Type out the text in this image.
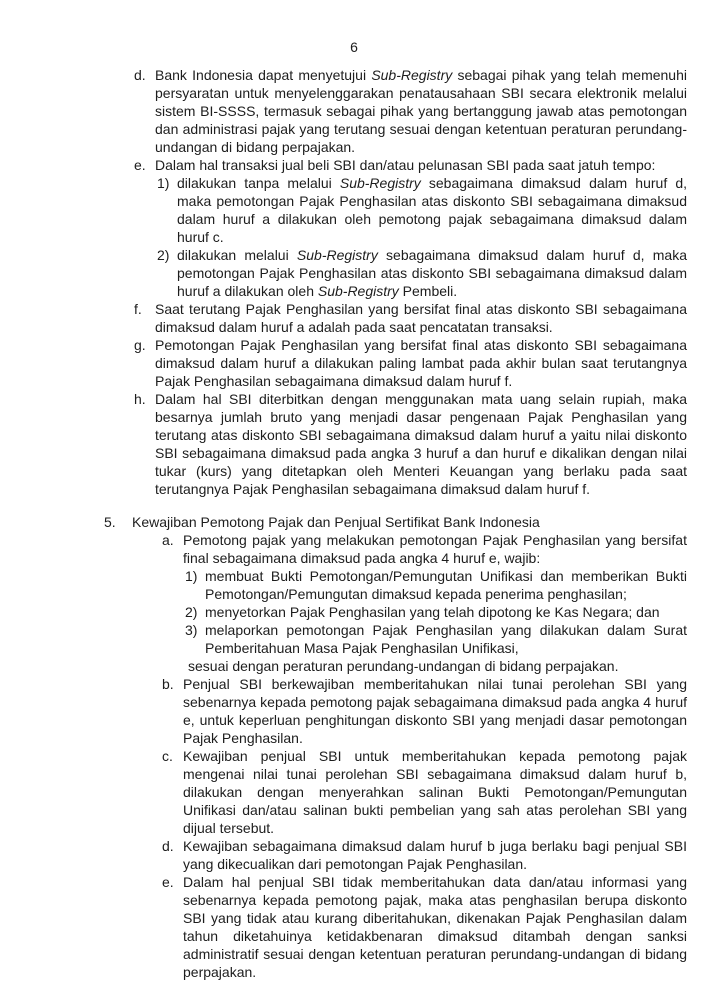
6
d. Bank Indonesia dapat menyetujui Sub-Registry sebagai pihak yang telah memenuhi persyaratan untuk menyelenggarakan penatausahaan SBI secara elektronik melalui sistem BI-SSSS, termasuk sebagai pihak yang bertanggung jawab atas pemotongan dan administrasi pajak yang terutang sesuai dengan ketentuan peraturan perundang-undangan di bidang perpajakan.
e. Dalam hal transaksi jual beli SBI dan/atau pelunasan SBI pada saat jatuh tempo:
1) dilakukan tanpa melalui Sub-Registry sebagaimana dimaksud dalam huruf d, maka pemotongan Pajak Penghasilan atas diskonto SBI sebagaimana dimaksud dalam huruf a dilakukan oleh pemotong pajak sebagaimana dimaksud dalam huruf c.
2) dilakukan melalui Sub-Registry sebagaimana dimaksud dalam huruf d, maka pemotongan Pajak Penghasilan atas diskonto SBI sebagaimana dimaksud dalam huruf a dilakukan oleh Sub-Registry Pembeli.
f. Saat terutang Pajak Penghasilan yang bersifat final atas diskonto SBI sebagaimana dimaksud dalam huruf a adalah pada saat pencatatan transaksi.
g. Pemotongan Pajak Penghasilan yang bersifat final atas diskonto SBI sebagaimana dimaksud dalam huruf a dilakukan paling lambat pada akhir bulan saat terutangnya Pajak Penghasilan sebagaimana dimaksud dalam huruf f.
h. Dalam hal SBI diterbitkan dengan menggunakan mata uang selain rupiah, maka besarnya jumlah bruto yang menjadi dasar pengenaan Pajak Penghasilan yang terutang atas diskonto SBI sebagaimana dimaksud dalam huruf a yaitu nilai diskonto SBI sebagaimana dimaksud pada angka 3 huruf a dan huruf e dikalikan dengan nilai tukar (kurs) yang ditetapkan oleh Menteri Keuangan yang berlaku pada saat terutangnya Pajak Penghasilan sebagaimana dimaksud dalam huruf f.
5. Kewajiban Pemotong Pajak dan Penjual Sertifikat Bank Indonesia
a. Pemotong pajak yang melakukan pemotongan Pajak Penghasilan yang bersifat final sebagaimana dimaksud pada angka 4 huruf e, wajib:
1) membuat Bukti Pemotongan/Pemungutan Unifikasi dan memberikan Bukti Pemotongan/Pemungutan dimaksud kepada penerima penghasilan;
2) menyetorkan Pajak Penghasilan yang telah dipotong ke Kas Negara; dan
3) melaporkan pemotongan Pajak Penghasilan yang dilakukan dalam Surat Pemberitahuan Masa Pajak Penghasilan Unifikasi,
sesuai dengan peraturan perundang-undangan di bidang perpajakan.
b. Penjual SBI berkewajiban memberitahukan nilai tunai perolehan SBI yang sebenarnya kepada pemotong pajak sebagaimana dimaksud pada angka 4 huruf e, untuk keperluan penghitungan diskonto SBI yang menjadi dasar pemotongan Pajak Penghasilan.
c. Kewajiban penjual SBI untuk memberitahukan kepada pemotong pajak mengenai nilai tunai perolehan SBI sebagaimana dimaksud dalam huruf b, dilakukan dengan menyerahkan salinan Bukti Pemotongan/Pemungutan Unifikasi dan/atau salinan bukti pembelian yang sah atas perolehan SBI yang dijual tersebut.
d. Kewajiban sebagaimana dimaksud dalam huruf b juga berlaku bagi penjual SBI yang dikecualikan dari pemotongan Pajak Penghasilan.
e. Dalam hal penjual SBI tidak memberitahukan data dan/atau informasi yang sebenarnya kepada pemotong pajak, maka atas penghasilan berupa diskonto SBI yang tidak atau kurang diberitahukan, dikenakan Pajak Penghasilan dalam tahun diketahuinya ketidakbenaran dimaksud ditambah dengan sanksi administratif sesuai dengan ketentuan peraturan perundang-undangan di bidang perpajakan.
